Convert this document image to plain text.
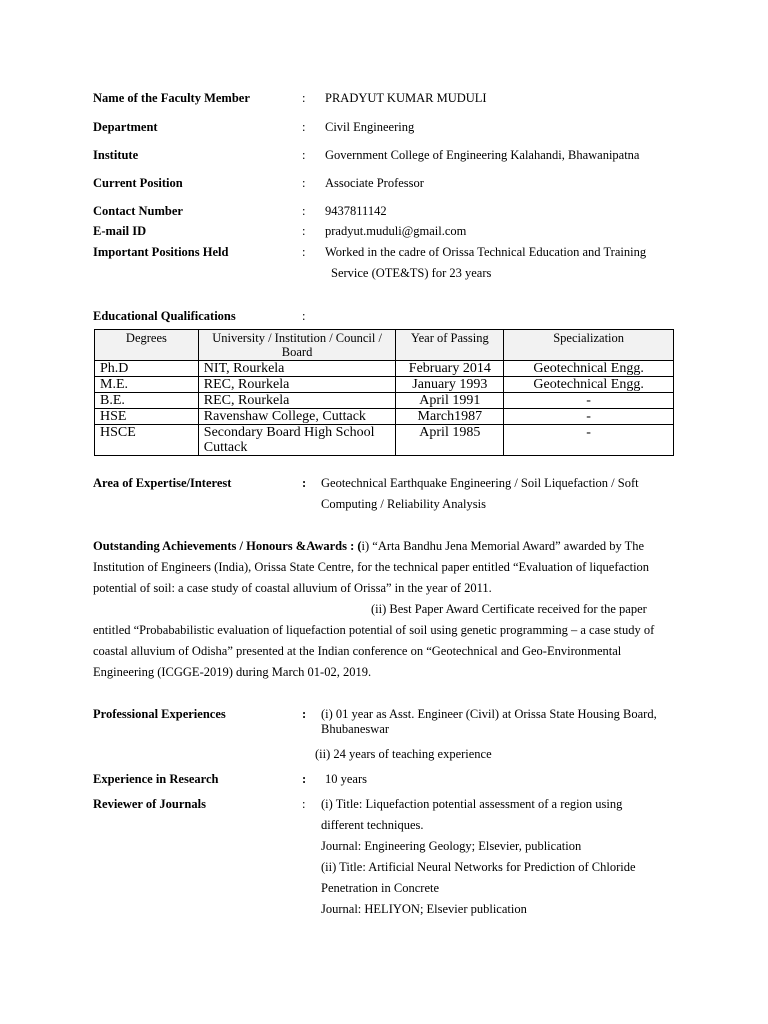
Name of the Faculty Member	: PRADYUT KUMAR MUDULI
Department	: Civil Engineering
Institute	: Government College of Engineering Kalahandi, Bhawanipatna
Current Position	: Associate Professor
Contact Number	: 9437811142
E-mail ID	: pradyut.muduli@gmail.com
Important Positions Held	: Worked in the cadre of Orissa Technical Education and Training
Service (OTE&TS) for 23 years
Educational Qualifications	:
Degrees	University / Institution / Council / Board	Year of Passing	Specialization
Ph.D	NIT, Rourkela	February 2014	Geotechnical Engg.
M.E.	REC, Rourkela	January 1993	Geotechnical Engg.
B.E.	REC, Rourkela	April 1991	-
HSE	Ravenshaw College, Cuttack	March1987	-
HSCE	Secondary Board High School Cuttack	April 1985	-
Area of Expertise/Interest	: Geotechnical Earthquake Engineering / Soil Liquefaction / Soft
Computing / Reliability Analysis
Outstanding Achievements / Honours &Awards : (i) “Arta Bandhu Jena Memorial Award” awarded by The
Institution of Engineers (India), Orissa State Centre, for the technical paper entitled “Evaluation of liquefaction
potential of soil: a case study of coastal alluvium of Orissa” in the year of 2011.
(ii) Best Paper Award Certificate received for the paper
entitled “Probababilistic evaluation of liquefaction potential of soil using genetic programming – a case study of
coastal alluvium of Odisha” presented at the Indian conference on “Geotechnical and Geo-Environmental
Engineering (ICGGE-2019) during March 01-02, 2019.
Professional Experiences	: (i) 01 year as Asst. Engineer (Civil) at Orissa State Housing Board,
Bhubaneswar
(ii) 24 years of teaching experience
Experience in Research	: 10 years
Reviewer of Journals	: (i) Title: Liquefaction potential assessment of a region using
different techniques.
Journal: Engineering Geology; Elsevier, publication
(ii) Title: Artificial Neural Networks for Prediction of Chloride
Penetration in Concrete
Journal: HELIYON; Elsevier publication
